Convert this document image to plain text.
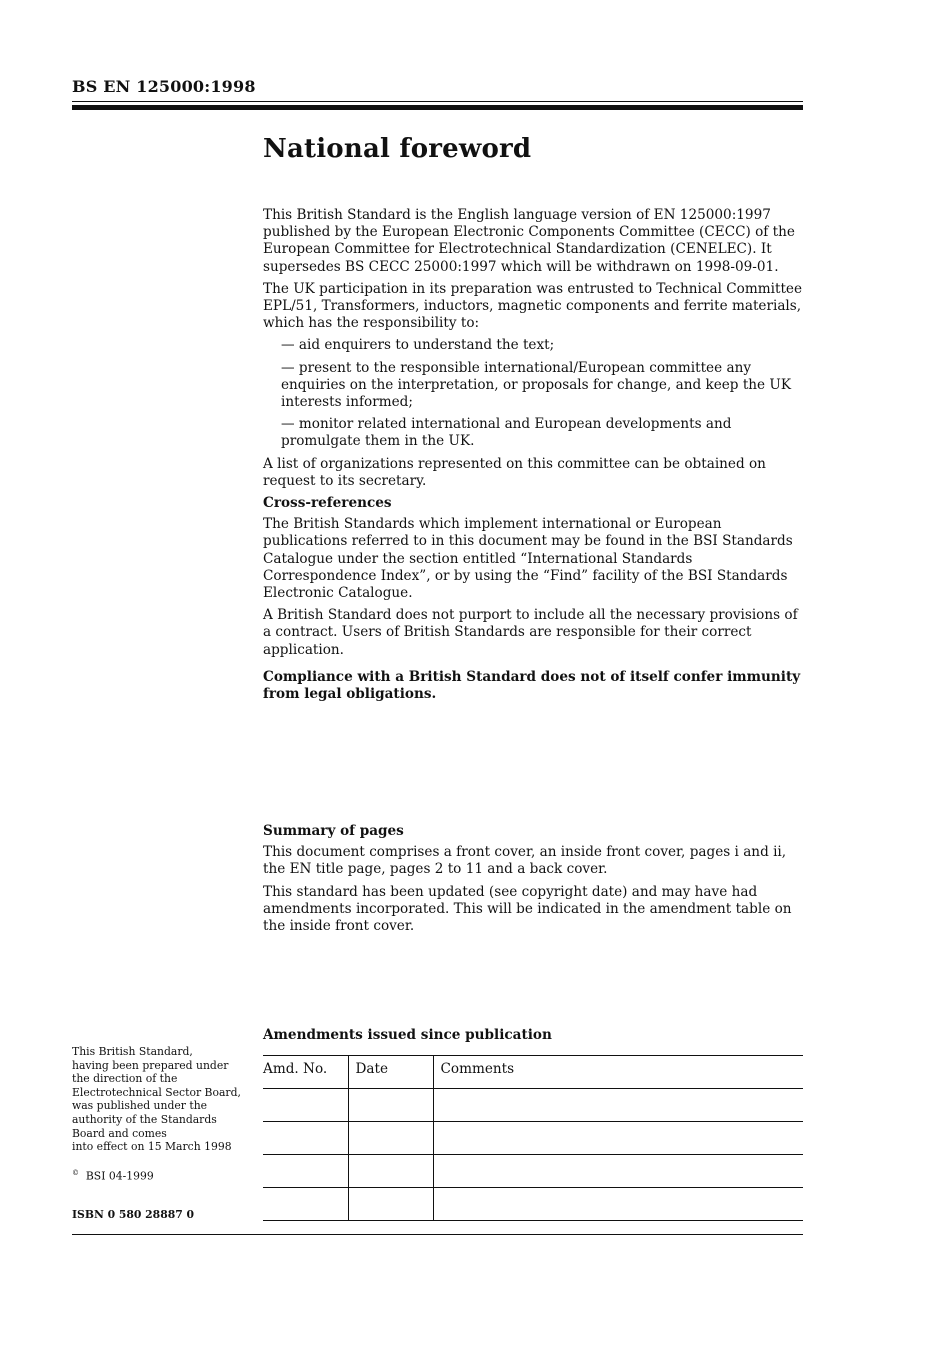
BS EN 125000:1998
National foreword

This British Standard is the English language version of EN 125000:1997 published by the European Electronic Components Committee (CECC) of the European Committee for Electrotechnical Standardization (CENELEC). It supersedes BS CECC 25000:1997 which will be withdrawn on 1998-09-01.

The UK participation in its preparation was entrusted to Technical Committee EPL/51, Transformers, inductors, magnetic components and ferrite materials, which has the responsibility to:

— aid enquirers to understand the text;

— present to the responsible international/European committee any enquiries on the interpretation, or proposals for change, and keep the UK interests informed;

— monitor related international and European developments and promulgate them in the UK.

A list of organizations represented on this committee can be obtained on request to its secretary.

Cross-references

The British Standards which implement international or European publications referred to in this document may be found in the BSI Standards Catalogue under the section entitled “International Standards Correspondence Index”, or by using the “Find” facility of the BSI Standards Electronic Catalogue.

A British Standard does not purport to include all the necessary provisions of a contract. Users of British Standards are responsible for their correct application.

Compliance with a British Standard does not of itself confer immunity from legal obligations.

Summary of pages

This document comprises a front cover, an inside front cover, pages i and ii, the EN title page, pages 2 to 11 and a back cover.

This standard has been updated (see copyright date) and may have had amendments incorporated. This will be indicated in the amendment table on the inside front cover.

This British Standard,

having been prepared under

the direction of the

Electrotechnical Sector Board,

was published under the

authority of the Standards

Board and comes

into effect on 15 March 1998

© BSI 04-1999
ISBN 0 580 28887 0
Amendments issued since publication
Amd. No.	Date	Comments
